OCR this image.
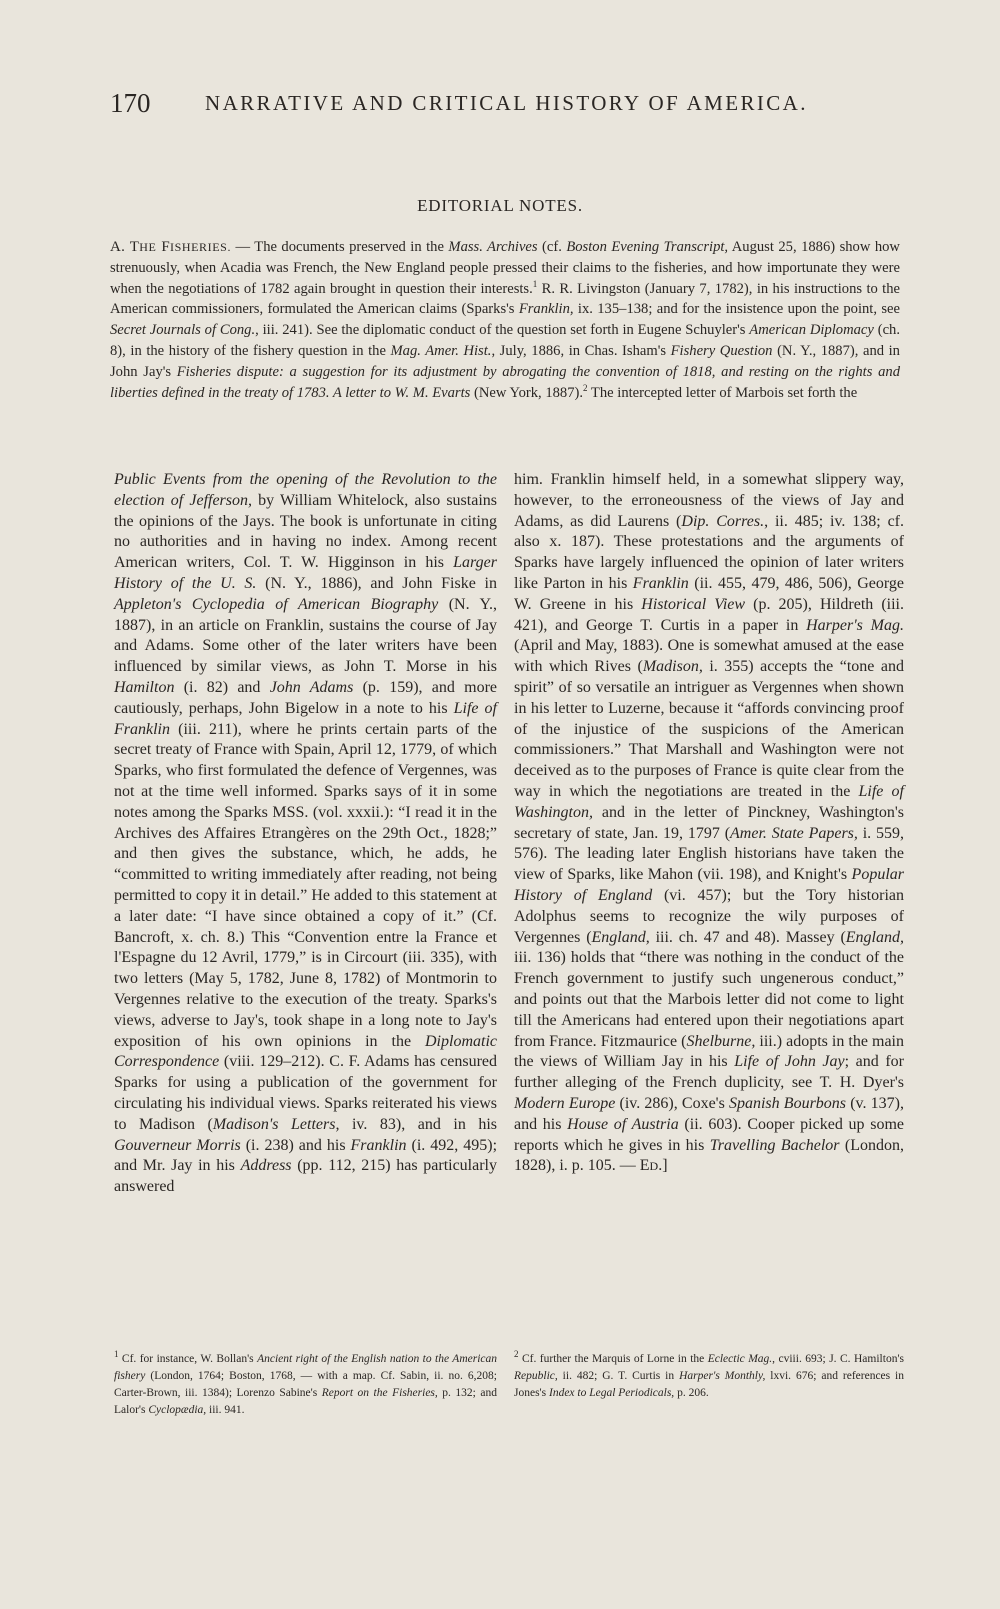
170	NARRATIVE AND CRITICAL HISTORY OF AMERICA.
EDITORIAL NOTES.
A. THE FISHERIES. — The documents preserved in the Mass. Archives (cf. Boston Evening Transcript, August 25, 1886) show how strenuously, when Acadia was French, the New England people pressed their claims to the fisheries, and how importunate they were when the negotiations of 1782 again brought in question their interests.$^1$ R. R. Livingston (January 7, 1782), in his instructions to the American commissioners, formulated the American claims (Sparks's Franklin, ix. 135–138; and for the insistence upon the point, see Secret Journals of Cong., iii. 241). See the diplomatic conduct of the question set forth in Eugene Schuyler's American Diplomacy (ch. 8), in the history of the fishery question in the Mag. Amer. Hist., July, 1886, in Chas. Isham's Fishery Question (N. Y., 1887), and in John Jay's Fisheries dispute: a suggestion for its adjustment by abrogating the convention of 1818, and resting on the rights and liberties defined in the treaty of 1783. A letter to W. M. Evarts (New York, 1887).$^2$ The intercepted letter of Marbois set forth the
Public Events from the opening of the Revolution to the election of Jefferson, by William Whitelock, also sustains the opinions of the Jays. The book is unfortunate in citing no authorities and in having no index. Among recent American writers, Col. T. W. Higginson in his Larger History of the U. S. (N. Y., 1886), and John Fiske in Appleton's Cyclopedia of American Biography (N. Y., 1887), in an article on Franklin, sustains the course of Jay and Adams. Some other of the later writers have been influenced by similar views, as John T. Morse in his Hamilton (i. 82) and John Adams (p. 159), and more cautiously, perhaps, John Bigelow in a note to his Life of Franklin (iii. 211), where he prints certain parts of the secret treaty of France with Spain, April 12, 1779, of which Sparks, who first formulated the defence of Vergennes, was not at the time well informed. Sparks says of it in some notes among the Sparks MSS. (vol. xxxii.): “I read it in the Archives des Affaires Etrangères on the 29th Oct., 1828;” and then gives the substance, which, he adds, he “committed to writing immediately after reading, not being permitted to copy it in detail.” He added to this statement at a later date: “I have since obtained a copy of it.” (Cf. Bancroft, x. ch. 8.) This “Convention entre la France et l'Espagne du 12 Avril, 1779,” is in Circourt (iii. 335), with two letters (May 5, 1782, June 8, 1782) of Montmorin to Vergennes relative to the execution of the treaty. Sparks's views, adverse to Jay's, took shape in a long note to Jay's exposition of his own opinions in the Diplomatic Correspondence (viii. 129–212). C. F. Adams has censured Sparks for using a publication of the government for circulating his individual views. Sparks reiterated his views to Madison (Madison's Letters, iv. 83), and in his Gouverneur Morris (i. 238) and his Franklin (i. 492, 495); and Mr. Jay in his Address (pp. 112, 215) has particularly answered
him. Franklin himself held, in a somewhat slippery way, however, to the erroneousness of the views of Jay and Adams, as did Laurens (Dip. Corres., ii. 485; iv. 138; cf. also x. 187). These protestations and the arguments of Sparks have largely influenced the opinion of later writers like Parton in his Franklin (ii. 455, 479, 486, 506), George W. Greene in his Historical View (p. 205), Hildreth (iii. 421), and George T. Curtis in a paper in Harper's Mag. (April and May, 1883). One is somewhat amused at the ease with which Rives (Madison, i. 355) accepts the “tone and spirit” of so versatile an intriguer as Vergennes when shown in his letter to Luzerne, because it “affords convincing proof of the injustice of the suspicions of the American commissioners.” That Marshall and Washington were not deceived as to the purposes of France is quite clear from the way in which the negotiations are treated in the Life of Washington, and in the letter of Pinckney, Washington's secretary of state, Jan. 19, 1797 (Amer. State Papers, i. 559, 576). The leading later English historians have taken the view of Sparks, like Mahon (vii. 198), and Knight's Popular History of England (vi. 457); but the Tory historian Adolphus seems to recognize the wily purposes of Vergennes (England, iii. ch. 47 and 48). Massey (England, iii. 136) holds that “there was nothing in the conduct of the French government to justify such ungenerous conduct,” and points out that the Marbois letter did not come to light till the Americans had entered upon their negotiations apart from France. Fitzmaurice (Shelburne, iii.) adopts in the main the views of William Jay in his Life of John Jay; and for further alleging of the French duplicity, see T. H. Dyer's Modern Europe (iv. 286), Coxe's Spanish Bourbons (v. 137), and his House of Austria (ii. 603). Cooper picked up some reports which he gives in his Travelling Bachelor (London, 1828), i. p. 105. — ED.]
$^1$ Cf. for instance, W. Bollan's Ancient right of the English nation to the American fishery (London, 1764; Boston, 1768, — with a map. Cf. Sabin, ii. no. 6,208; Carter-Brown, iii. 1384); Lorenzo Sabine's Report on the Fisheries, p. 132; and Lalor's Cyclopædia, iii. 941.
$^2$ Cf. further the Marquis of Lorne in the Eclectic Mag., cviii. 693; J. C. Hamilton's Republic, ii. 482; G. T. Curtis in Harper's Monthly, lxvi. 676; and references in Jones's Index to Legal Periodicals, p. 206.
